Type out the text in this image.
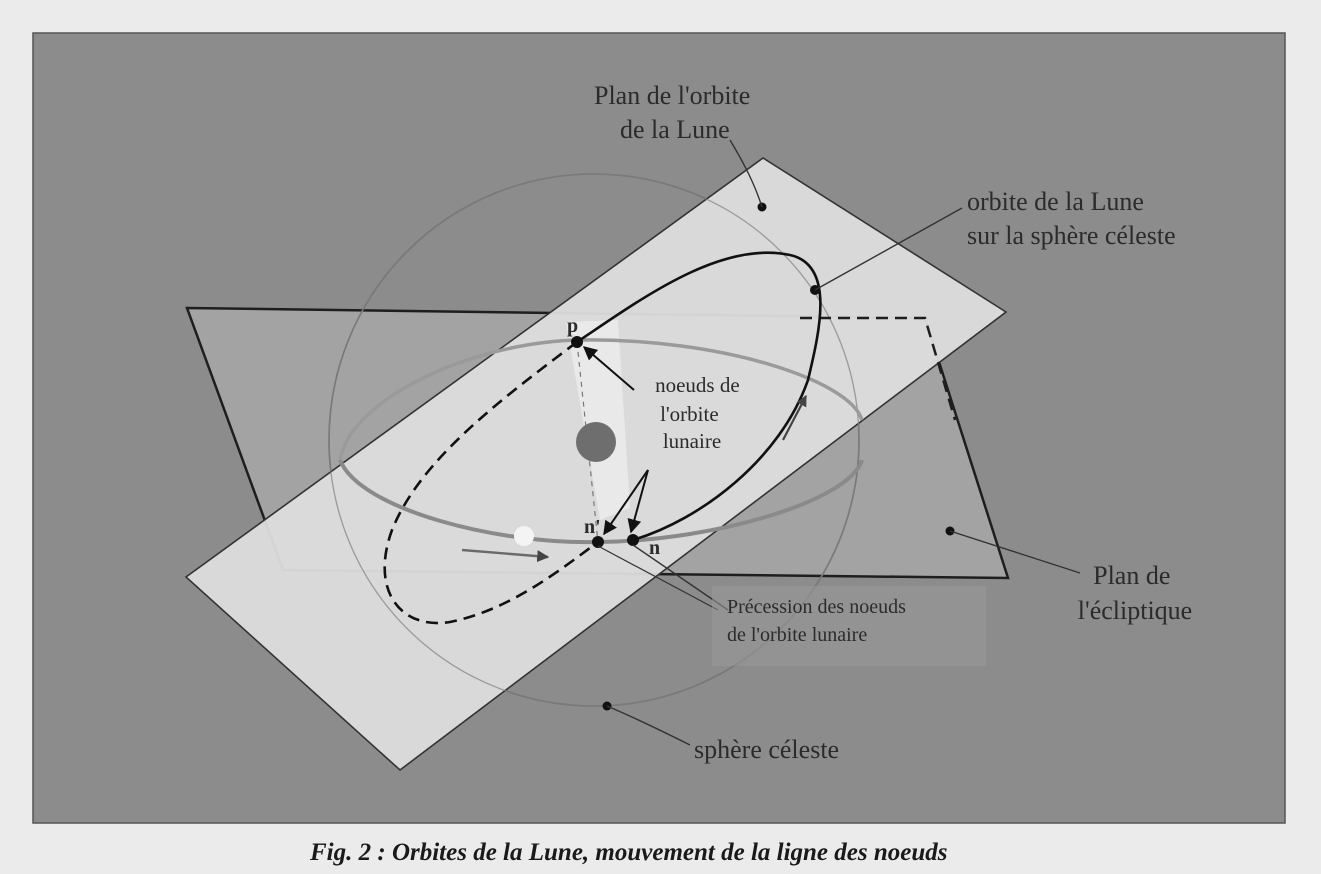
Plan de l'orbite de la Lune
orbite de la Lune sur la sphère céleste
noeuds de l'orbite lunaire
Précession des noeuds de l'orbite lunaire
Plan de l'écliptique
sphère céleste
p
n'
n
Fig. 2 : Orbites de la Lune, mouvement de la ligne des noeuds
